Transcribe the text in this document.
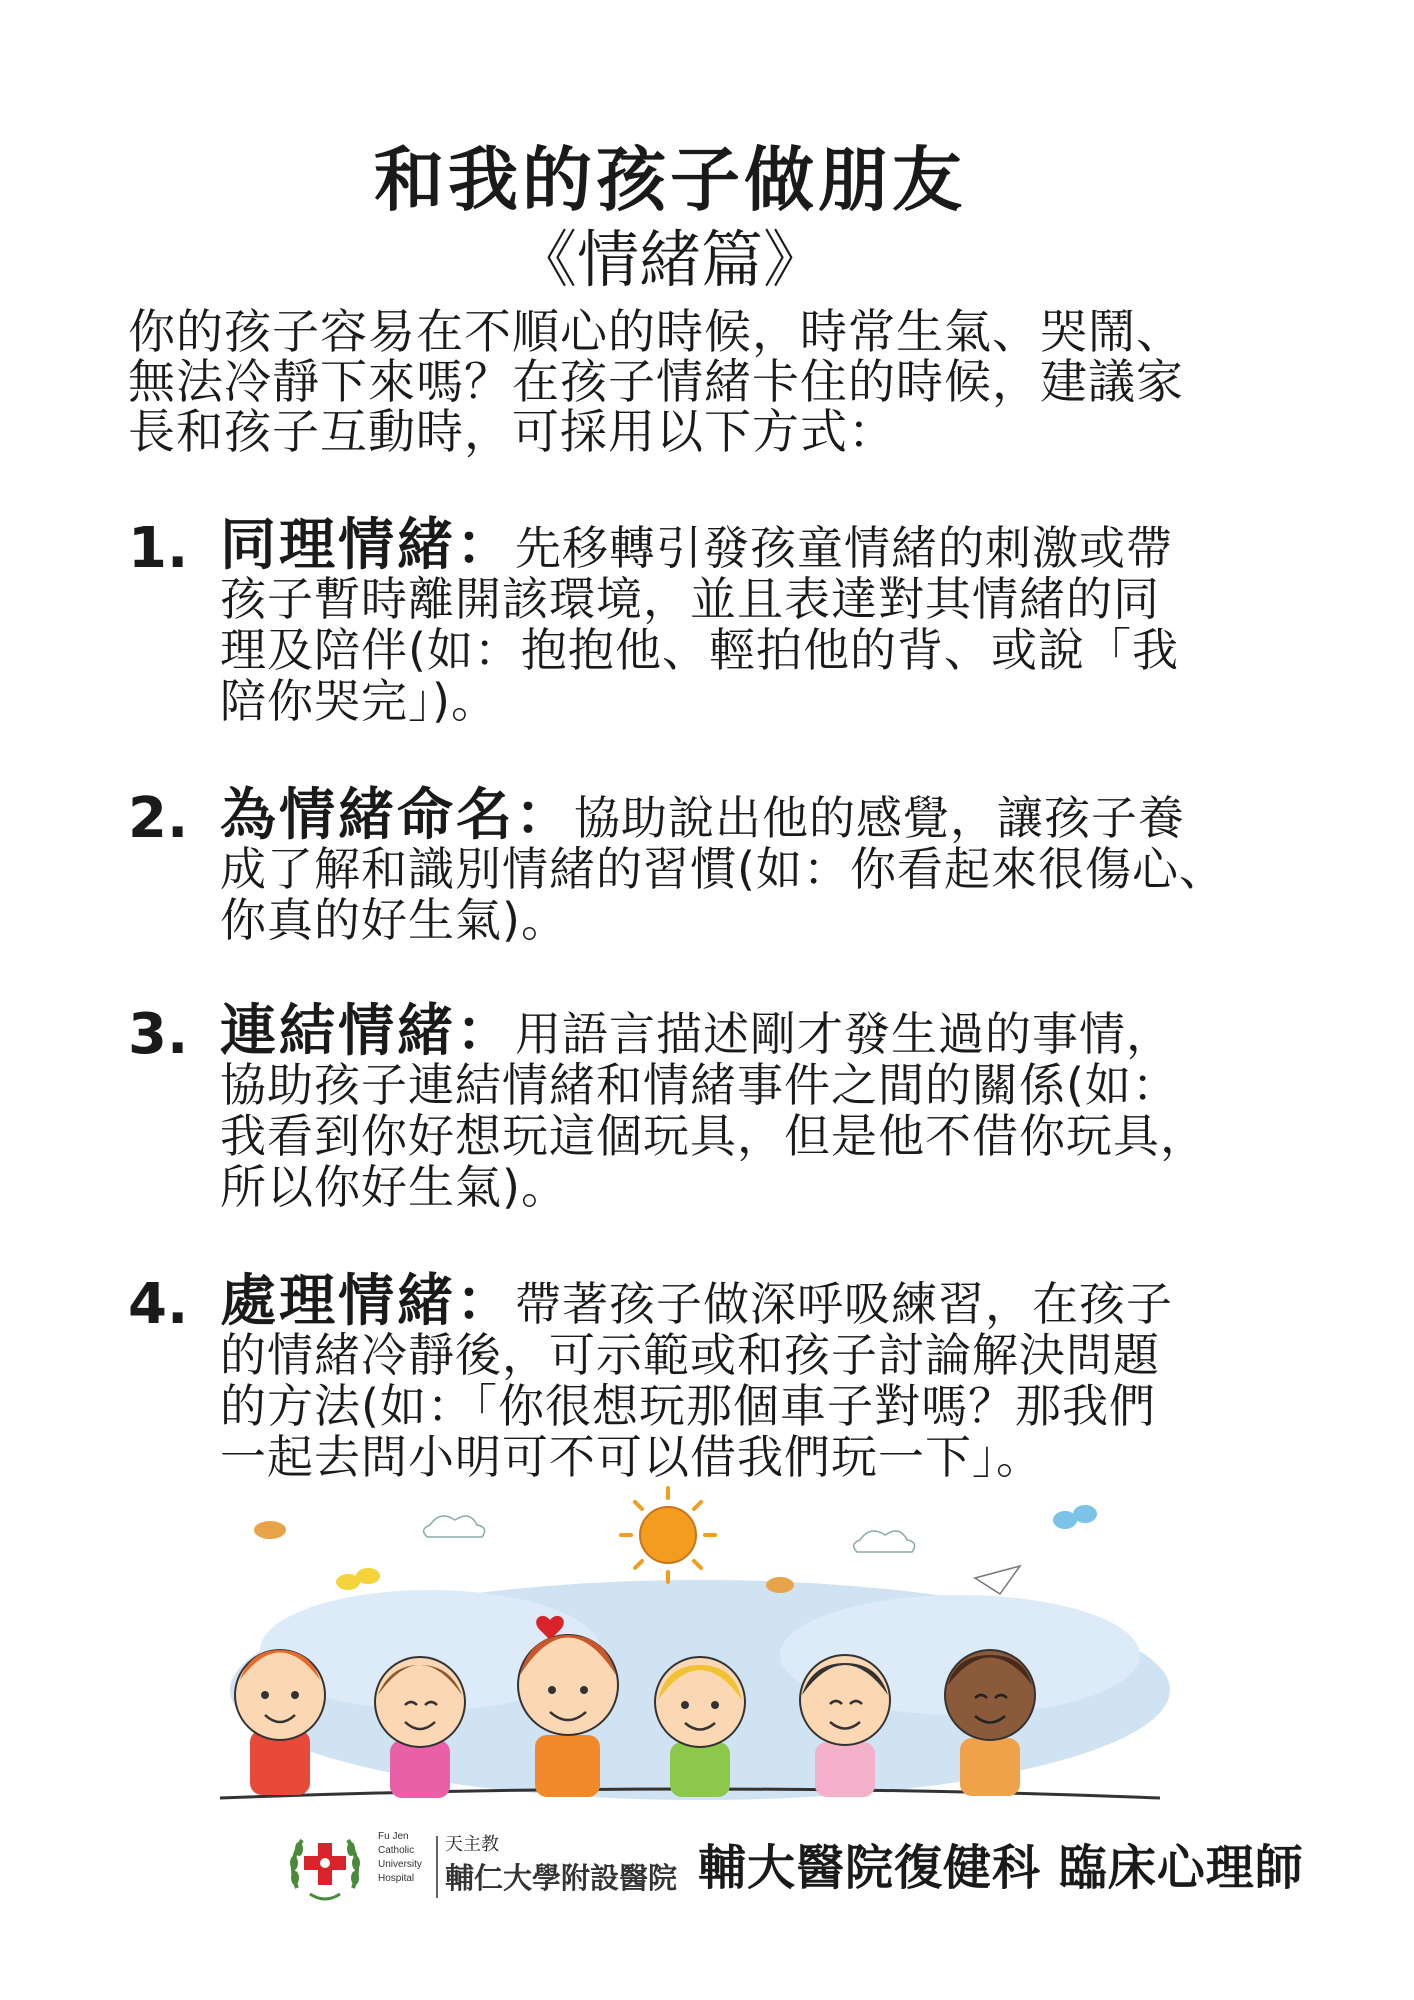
和我的孩子做朋友
《情緒篇》
你的孩子容易在不順心的時候，時常生氣、哭鬧、
無法冷靜下來嗎？在孩子情緒卡住的時候，建議家
長和孩子互動時，可採用以下方式：
1. 同理情緒：先移轉引發孩童情緒的刺激或帶
孩子暫時離開該環境，並且表達對其情緒的同
理及陪伴(如：抱抱他、輕拍他的背、或說「我
陪你哭完」)。
2. 為情緒命名：協助說出他的感覺，讓孩子養
成了解和識別情緒的習慣(如：你看起來很傷心、
你真的好生氣)。
3. 連結情緒：用語言描述剛才發生過的事情，
協助孩子連結情緒和情緒事件之間的關係(如：
我看到你好想玩這個玩具，但是他不借你玩具，
所以你好生氣)。
4. 處理情緒：帶著孩子做深呼吸練習，在孩子
的情緒冷靜後，可示範或和孩子討論解決問題
的方法(如：「你很想玩那個車子對嗎？那我們
一起去問小明可不可以借我們玩一下」。
Fu Jen
Catholic
University
Hospital
天主教
輔仁大學附設醫院 輔大醫院復健科 臨床心理師
